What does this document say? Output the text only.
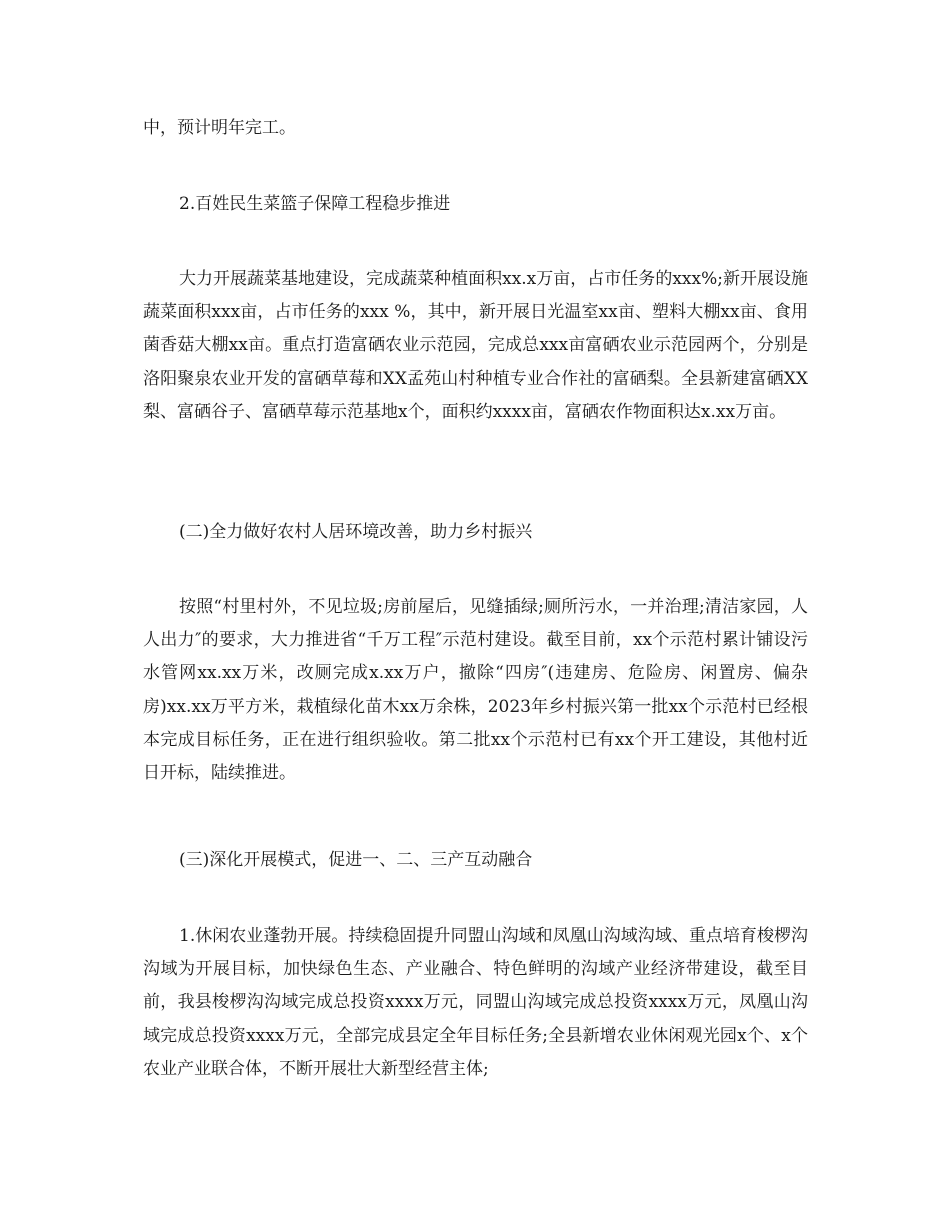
中，预计明年完工。

2.百姓民生菜篮子保障工程稳步推进

大力开展蔬菜基地建设，完成蔬菜种植面积xx.x万亩，占市任务的xxx%;新开展设施蔬菜面积xxx亩，占市任务的xxx %，其中，新开展日光温室xx亩、塑料大棚xx亩、食用菌香菇大棚xx亩。重点打造富硒农业示范园，完成总xxx亩富硒农业示范园两个，分别是洛阳聚泉农业开发的富硒草莓和XX孟苑山村种植专业合作社的富硒梨。全县新建富硒XX梨、富硒谷子、富硒草莓示范基地x个，面积约xxxx亩，富硒农作物面积达x.xx万亩。

(二)全力做好农村人居环境改善，助力乡村振兴

按照“村里村外，不见垃圾;房前屋后，见缝插绿;厕所污水，一并治理;清洁家园，人人出力″的要求，大力推进省“千万工程″示范村建设。截至目前，xx个示范村累计铺设污水管网xx.xx万米，改厕完成x.xx万户，撤除“四房″(违建房、危险房、闲置房、偏杂房)xx.xx万平方米，栽植绿化苗木xx万余株，2023年乡村振兴第一批xx个示范村已经根本完成目标任务，正在进行组织验收。第二批xx个示范村已有xx个开工建设，其他村近日开标，陆续推进。

(三)深化开展模式，促进一、二、三产互动融合

1.休闲农业蓬勃开展。持续稳固提升同盟山沟域和凤凰山沟域沟域、重点培育梭椤沟沟域为开展目标，加快绿色生态、产业融合、特色鲜明的沟域产业经济带建设，截至目前，我县梭椤沟沟域完成总投资xxxx万元，同盟山沟域完成总投资xxxx万元，凤凰山沟域完成总投资xxxx万元，全部完成县定全年目标任务;全县新增农业休闲观光园x个、x个农业产业联合体，不断开展壮大新型经营主体;
